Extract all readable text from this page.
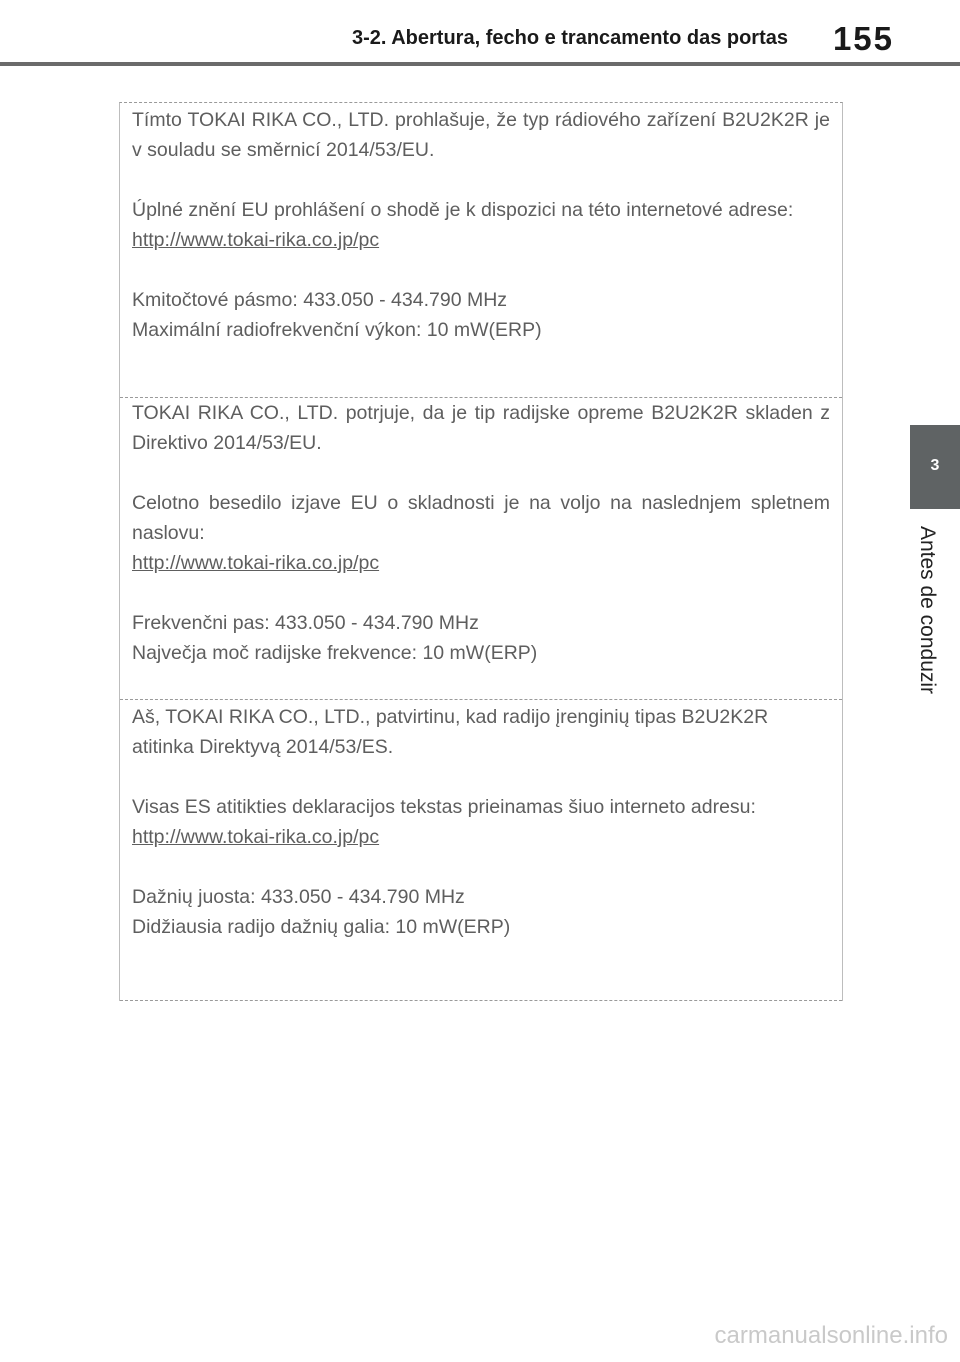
3-2. Abertura, fecho e trancamento das portas 155
3
Antes de conduzir

Tímto TOKAI RIKA CO., LTD. prohlašuje, že typ rádiového zařízení B2U2K2R je v souladu se směrnicí 2014/53/EU.

Úplné znění EU prohlášení o shodě je k dispozici na této internetové adrese:

http://www.tokai-rika.co.jp/pc

Kmitočtové pásmo: 433.050 - 434.790 MHz

Maximální radiofrekvenční výkon: 10 mW(ERP)

TOKAI RIKA CO., LTD. potrjuje, da je tip radijske opreme B2U2K2R skladen z Direktivo 2014/53/EU.

Celotno besedilo izjave EU o skladnosti je na voljo na naslednjem spletnem naslovu:

http://www.tokai-rika.co.jp/pc

Frekvenčni pas: 433.050 - 434.790 MHz

Največja moč radijske frekvence: 10 mW(ERP)

Aš, TOKAI RIKA CO., LTD., patvirtinu, kad radijo įrenginių tipas B2U2K2R atitinka Direktyvą 2014/53/ES.

Visas ES atitikties deklaracijos tekstas prieinamas šiuo interneto adresu:

http://www.tokai-rika.co.jp/pc

Dažnių juosta: 433.050 - 434.790 MHz

Didžiausia radijo dažnių galia: 10 mW(ERP)

carmanualsonline.info
